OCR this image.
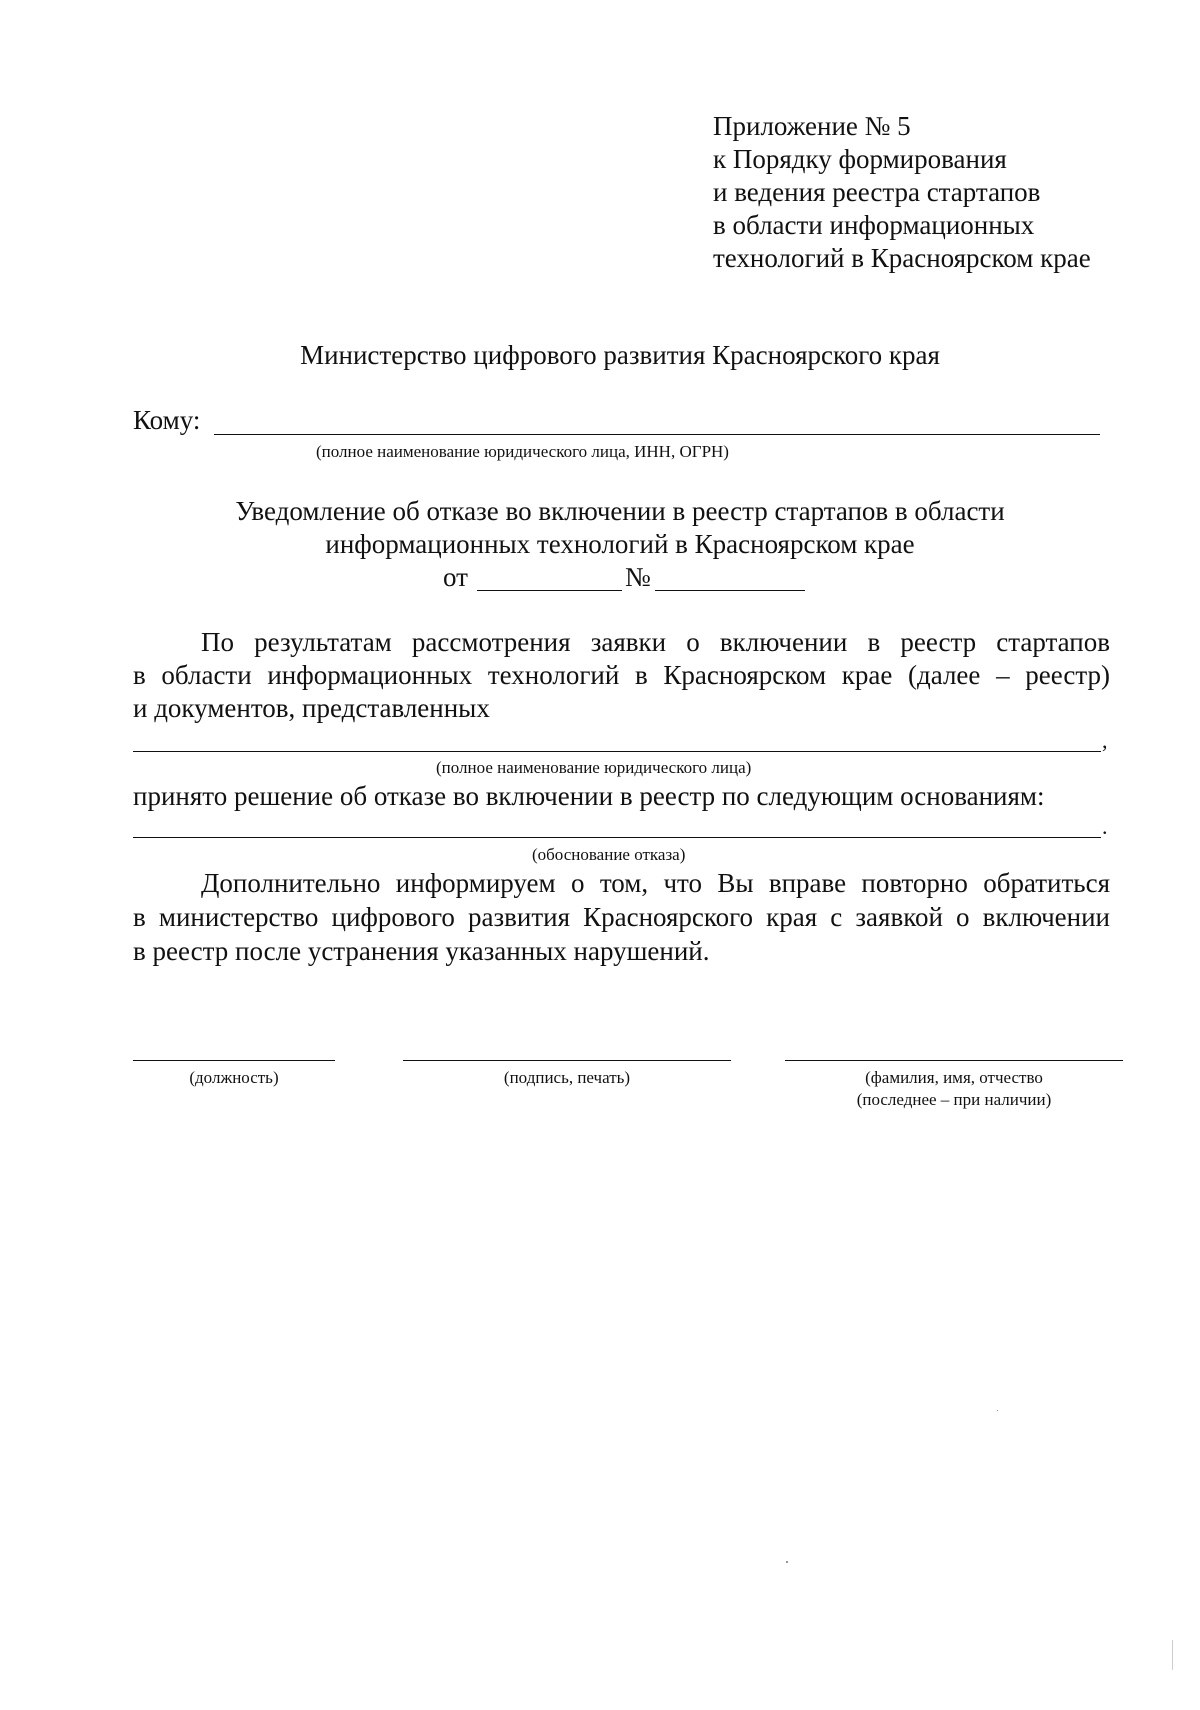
Приложение № 5
к Порядку формирования
и ведения реестра стартапов
в области информационных
технологий в Красноярском крае
Министерство цифрового развития Красноярского края
Кому:
(полное наименование юридического лица, ИНН, ОГРН)
Уведомление об отказе во включении в реестр стартапов в области
информационных технологий в Красноярском крае
от	№
По результатам рассмотрения заявки о включении в реестр стартапов
в области информационных технологий в Красноярском крае (далее – реестр)
и документов, представленных
,
(полное наименование юридического лица)
принято решение об отказе во включении в реестр по следующим основаниям:
.
(обоснование отказа)
Дополнительно информируем о том, что Вы вправе повторно обратиться
в министерство цифрового развития Красноярского края с заявкой о включении
в реестр после устранения указанных нарушений.
(должность)	(подпись, печать)	(фамилия, имя, отчество
(последнее – при наличии)
